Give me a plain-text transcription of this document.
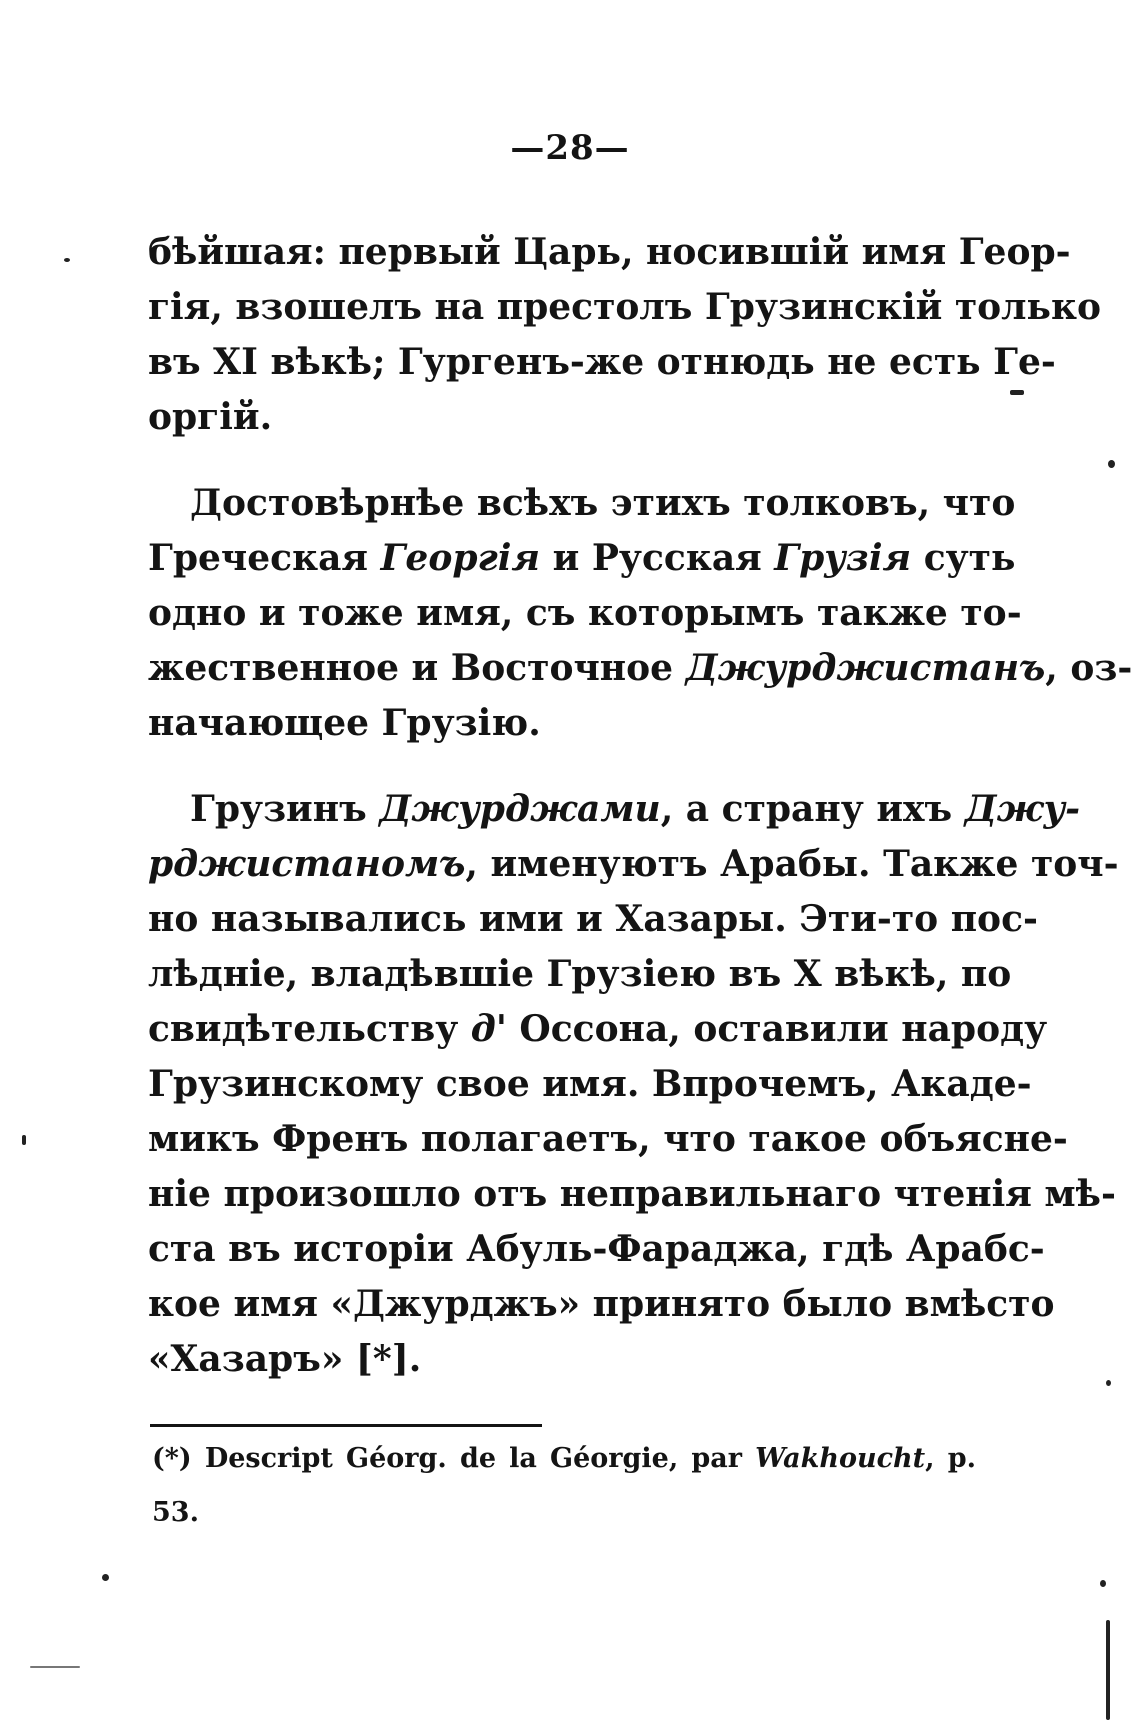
—28—
бѣйшая: первый Царь, носившій имя Геор-
гія, взошелъ на престолъ Грузинскій только
въ XI вѣкѣ; Гургенъ-же отнюдь не есть Ге-
оргій.
Достовѣрнѣе всѣхъ этихъ толковъ, что
Греческая Георгія и Русская Грузія суть
одно и тоже имя, съ которымъ также то-
жественное и Восточное Джурджистанъ, оз-
начающее Грузію.
Грузинъ Джурджами, а страну ихъ Джу-
рджистаномъ, именуютъ Арабы. Также точ-
но назывались ими и Хазары. Эти-то пос-
лѣдніе, владѣвшіе Грузіею въ X вѣкѣ, по
свидѣтельству д' Оссона, оставили народу
Грузинскому свое имя. Впрочемъ, Акаде-
микъ Френъ полагаетъ, что такое объясне-
ніе произошло отъ неправильнаго чтенія мѣ-
ста въ исторіи Абуль-Фараджа, гдѣ Арабс-
кое имя «Джурджъ» принято было вмѣсто
«Хазаръ» [*].
(*) Descript Géorg. de la Géorgie, par Wakhoucht, p.
53.
